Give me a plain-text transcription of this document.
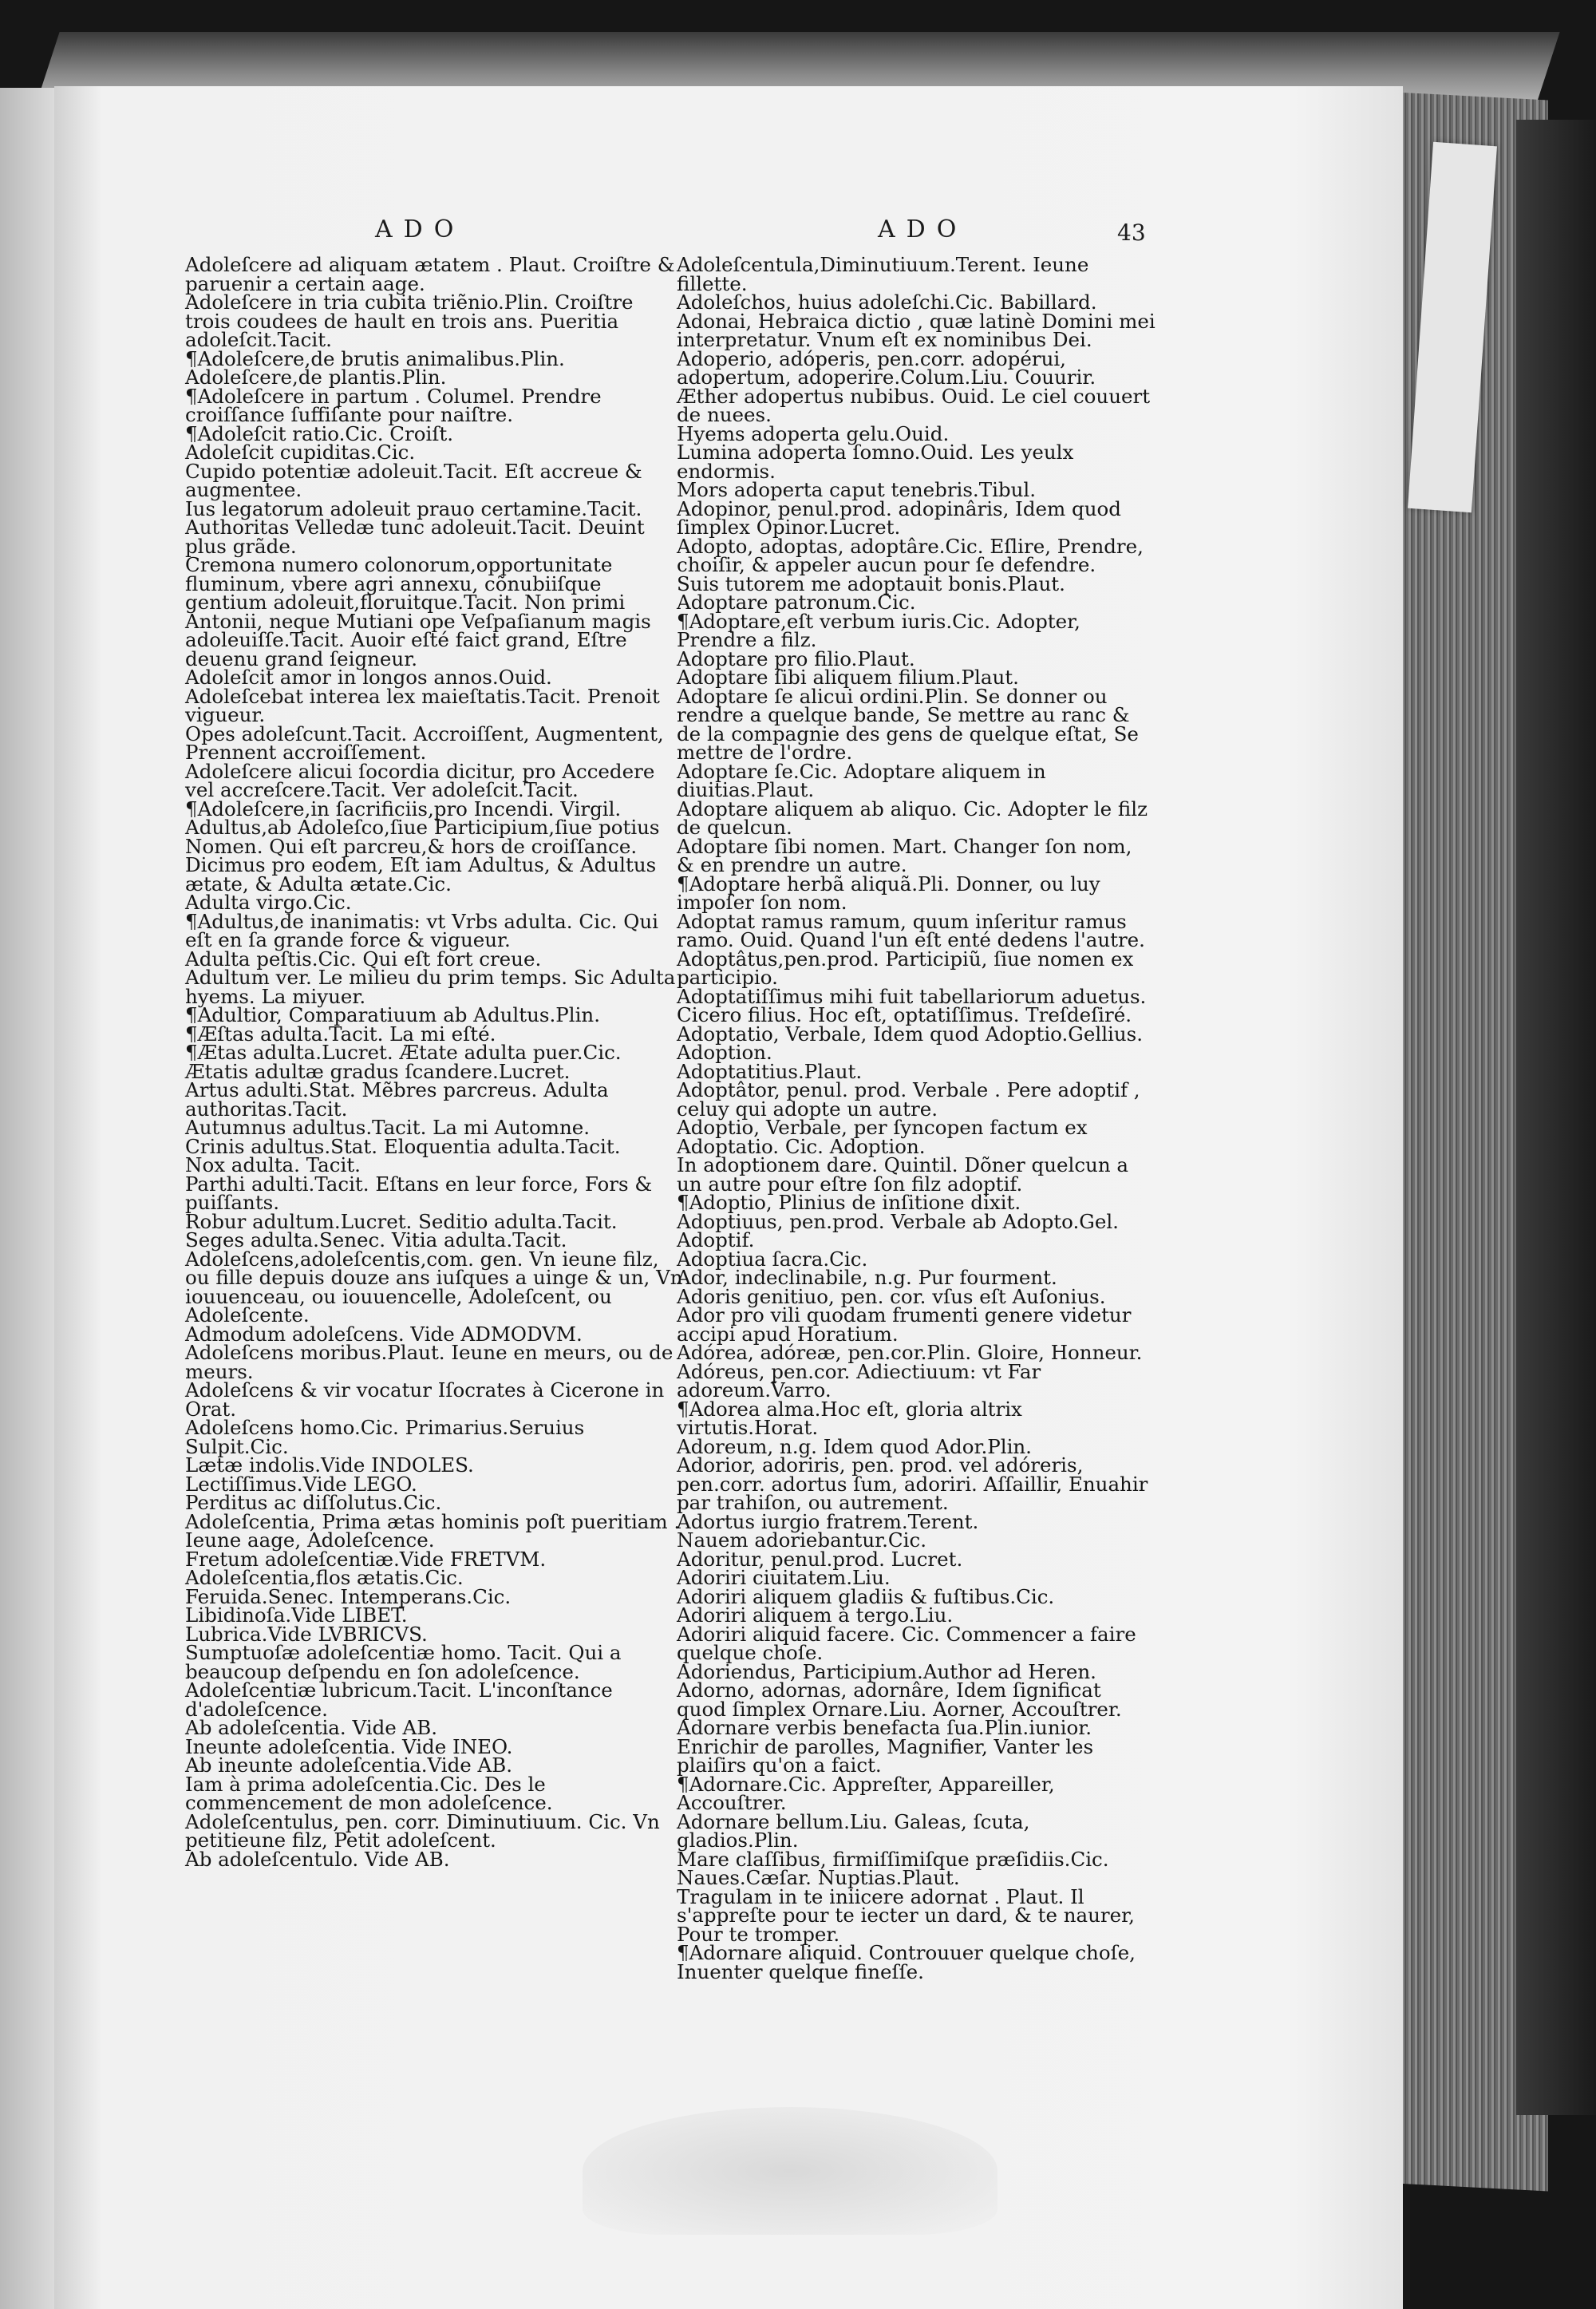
ADO	ADO	43

Adoleſcere ad aliquam ætatem . Plaut. Croiſtre & paruenir a certain aage.

Adoleſcere in tria cubita triẽnio.Plin. Croiſtre trois coudees de hault en trois ans. Pueritia adoleſcit.Tacit.

¶Adoleſcere,de brutis animalibus.Plin.

Adoleſcere,de plantis.Plin.

¶Adoleſcere in partum . Columel. Prendre croiſſance ſuffiſante pour naiſtre.

¶Adoleſcit ratio.Cic. Croiſt.

Adoleſcit cupiditas.Cic.

Cupido potentiæ adoleuit.Tacit. Eſt accreue & augmentee.

Ius legatorum adoleuit prauo certamine.Tacit.

Authoritas Velledæ tunc adoleuit.Tacit. Deuint plus grãde.

Cremona numero colonorum,opportunitate fluminum, vbere agri annexu, cõnubiiſque gentium adoleuit,floruitque.Tacit. Non primi Antonii, neque Mutiani ope Veſpaſianum magis adoleuiſſe.Tacit. Auoir eſté faict grand, Eſtre deuenu grand ſeigneur.

Adoleſcit amor in longos annos.Ouid.

Adoleſcebat interea lex maieſtatis.Tacit. Prenoit vigueur.

Opes adoleſcunt.Tacit. Accroiſſent, Augmentent, Prennent accroiſſement.

Adoleſcere alicui ſocordia dicitur, pro Accedere vel accreſcere.Tacit. Ver adoleſcit.Tacit.

¶Adoleſcere,in ſacrificiis,pro Incendi. Virgil.

Adultus,ab Adoleſco,ſiue Participium,ſiue potius Nomen. Qui eſt parcreu,& hors de croiſſance. Dicimus pro eodem, Eſt iam Adultus, & Adultus ætate, & Adulta ætate.Cic.

Adulta virgo.Cic.

¶Adultus,de inanimatis: vt Vrbs adulta. Cic. Qui eſt en ſa grande force & vigueur.

Adulta peſtis.Cic. Qui eſt fort creue.

Adultum ver. Le milieu du prim temps. Sic Adulta hyems. La miyuer.

¶Adultior, Comparatiuum ab Adultus.Plin.

¶Æſtas adulta.Tacit. La mi eſté.

¶Ætas adulta.Lucret. Ætate adulta puer.Cic.

Ætatis adultæ gradus ſcandere.Lucret.

Artus adulti.Stat. Mẽbres parcreus. Adulta authoritas.Tacit.

Autumnus adultus.Tacit. La mi Automne.

Crinis adultus.Stat. Eloquentia adulta.Tacit.

Nox adulta. Tacit.

Parthi adulti.Tacit. Eſtans en leur force, Fors & puiſſants.

Robur adultum.Lucret. Seditio adulta.Tacit.

Seges adulta.Senec. Vitia adulta.Tacit.

Adoleſcens,adoleſcentis,com. gen. Vn ieune filz, ou fille depuis douze ans iuſques a uinge & un, Vn iouuenceau, ou iouuencelle, Adoleſcent, ou Adoleſcente.

Admodum adoleſcens. Vide ADMODVM.

Adoleſcens moribus.Plaut. Ieune en meurs, ou de meurs.

Adoleſcens & vir vocatur Iſocrates à Cicerone in Orat.

Adoleſcens homo.Cic. Primarius.Seruius Sulpit.Cic.

Lætæ indolis.Vide INDOLES.

Lectiſſimus.Vide LEGO.

Perditus ac diſſolutus.Cic.

Adoleſcentia, Prima ætas hominis poſt pueritiam . Ieune aage, Adoleſcence.

Fretum adoleſcentiæ.Vide FRETVM.

Adoleſcentia,flos ætatis.Cic.

Feruida.Senec. Intemperans.Cic.

Libidinoſa.Vide LIBET.

Lubrica.Vide LVBRICVS.

Sumptuoſæ adoleſcentiæ homo. Tacit. Qui a beaucoup deſpendu en ſon adoleſcence.

Adoleſcentiæ lubricum.Tacit. L'inconſtance d'adoleſcence.

Ab adoleſcentia. Vide AB.

Ineunte adoleſcentia. Vide INEO.

Ab ineunte adoleſcentia.Vide AB.

Iam à prima adoleſcentia.Cic. Des le commencement de mon adoleſcence.

Adoleſcentulus, pen. corr. Diminutiuum. Cic. Vn petitieune filz, Petit adoleſcent.

Ab adoleſcentulo. Vide AB.

Adoleſcentula,Diminutiuum.Terent. Ieune fillette.

Adoleſchos, huius adoleſchi.Cic. Babillard.

Adonai, Hebraica dictio , quæ latinè Domini mei interpretatur. Vnum eſt ex nominibus Dei.

Adoperio, adóperis, pen.corr. adopérui, adopertum, adoperire.Colum.Liu. Couurir.

Æther adopertus nubibus. Ouid. Le ciel couuert de nuees.

Hyems adoperta gelu.Ouid.

Lumina adoperta ſomno.Ouid. Les yeulx endormis.

Mors adoperta caput tenebris.Tibul.

Adopinor, penul.prod. adopinâris, Idem quod ſimplex Opinor.Lucret.

Adopto, adoptas, adoptâre.Cic. Eſlire, Prendre, choiſir, & appeler aucun pour ſe defendre.

Suis tutorem me adoptauit bonis.Plaut.

Adoptare patronum.Cic.

¶Adoptare,eſt verbum iuris.Cic. Adopter, Prendre a filz.

Adoptare pro filio.Plaut.

Adoptare ſibi aliquem filium.Plaut.

Adoptare ſe alicui ordini.Plin. Se donner ou rendre a quelque bande, Se mettre au ranc & de la compagnie des gens de quelque eſtat, Se mettre de l'ordre.

Adoptare ſe.Cic. Adoptare aliquem in diuitias.Plaut.

Adoptare aliquem ab aliquo. Cic. Adopter le filz de quelcun.

Adoptare ſibi nomen. Mart. Changer ſon nom, & en prendre un autre.

¶Adoptare herbã aliquã.Pli. Donner, ou luy impoſer ſon nom.

Adoptat ramus ramum, quum inſeritur ramus ramo. Ouid. Quand l'un eſt enté dedens l'autre.

Adoptâtus,pen.prod. Participiũ, ſiue nomen ex participio.

Adoptatiſſimus mihi fuit tabellariorum aduetus. Cicero filius. Hoc eſt, optatiſſimus. Treſdeſiré.

Adoptatio, Verbale, Idem quod Adoptio.Gellius. Adoption.

Adoptatitius.Plaut.

Adoptâtor, penul. prod. Verbale . Pere adoptif , celuy qui adopte un autre.

Adoptio, Verbale, per ſyncopen factum ex Adoptatio. Cic. Adoption.

In adoptionem dare. Quintil. Dõner quelcun a un autre pour eſtre ſon filz adoptif.

¶Adoptio, Plinius de inſitione dixit.

Adoptiuus, pen.prod. Verbale ab Adopto.Gel. Adoptif.

Adoptiua ſacra.Cic.

Ador, indeclinabile, n.g. Pur fourment.

Adoris genitiuo, pen. cor. vſus eſt Auſonius.

Ador pro vili quodam frumenti genere videtur accipi apud Horatium.

Adórea, adóreæ, pen.cor.Plin. Gloire, Honneur.

Adóreus, pen.cor. Adiectiuum: vt Far adoreum.Varro.

¶Adorea alma.Hoc eſt, gloria altrix virtutis.Horat.

Adoreum, n.g. Idem quod Ador.Plin.

Adorior, adoriris, pen. prod. vel adóreris, pen.corr. adortus ſum, adoriri. Aſſaillir, Enuahir par trahiſon, ou autrement.

Adortus iurgio fratrem.Terent.

Nauem adoriebantur.Cic.

Adoritur, penul.prod. Lucret.

Adoriri ciuitatem.Liu.

Adoriri aliquem gladiis & fuſtibus.Cic.

Adoriri aliquem à tergo.Liu.

Adoriri aliquid facere. Cic. Commencer a faire quelque choſe.

Adoriendus, Participium.Author ad Heren.

Adorno, adornas, adornâre, Idem ſignificat quod ſimplex Ornare.Liu. Aorner, Accouſtrer.

Adornare verbis benefacta ſua.Plin.iunior. Enrichir de parolles, Magnifier, Vanter les plaiſirs qu'on a faict.

¶Adornare.Cic. Appreſter, Appareiller, Accouſtrer.

Adornare bellum.Liu. Galeas, ſcuta, gladios.Plin.

Mare claſſibus, firmiſſimiſque præſidiis.Cic.

Naues.Cæſar. Nuptias.Plaut.

Tragulam in te iniicere adornat . Plaut. Il s'appreſte pour te iecter un dard, & te naurer, Pour te tromper.

¶Adornare aliquid. Controuuer quelque choſe, Inuenter quelque fineſſe.
